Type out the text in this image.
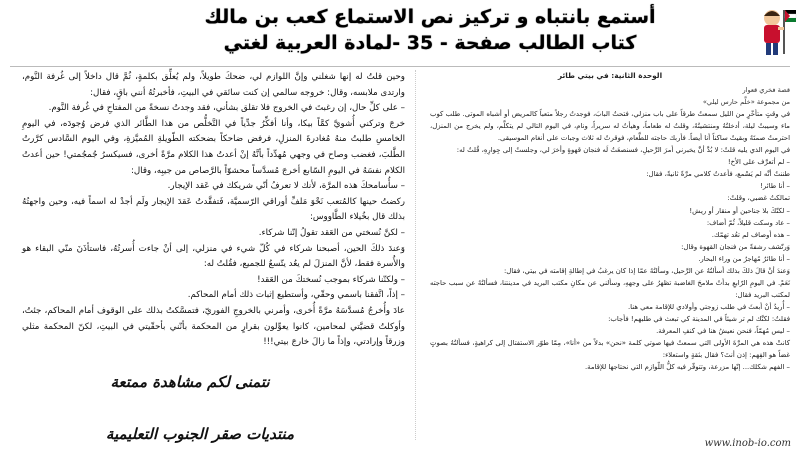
أستمع بانتباه و تركيز نص الاستماع كعب بن مالك
كتاب الطالب صفحة - 35 -لمادة العربية لغتي

وحين قلتُ له إنها شغلني وإنَّ اللوازم لي، ضحكَ طويلاً، ولم يُعلِّق بكلمةٍ، ثُمَّ قال داخلاً إلى غُرفة النَّوم، وارتدى ملابسه، وقال: خروجه سالمي إن كنت سائقي في البيتِ، فأخبرتُهُ أنني باقٍ، فقال:

– على كلِّ حال، إن رغبتَ في الخروج فلا تقلق بشأني، فقد وجدتُ نسخةً من المفتاحِ في غُرفة النَّوم.

خرجَ وتركني أُشويَّ كمَّاً بيكا، وأنا أفكِّرُ جدِّياً في التَّخلُّص من هذا الطَّائر الذي فرض وُجودَه، في اليومِ الخامسِ طلبتُ منهُ مُغادرةَ المنزلِ، فرفض ضاحكاً بضحكته الطّويلةِ المُميَّزةِ، وفي اليوم السَّادس كرَّرتُ الطَّلبَ، فغضب وصاح في وجهي مُهدِّداً بأنَّهُ إنْ أعدتُ هذا الكلام مرَّةً أخرى، فسيكسرُ جُمجُمتي! حين أعدتُ الكلام نفسَهُ في اليومِ السّابع أخرجَ مُسدَّساً محشوّاً بالرَّصاص من جيبِه، وقال:

– سأُسامحكَ هذه المرَّة، لأنك لا تعرفُ أنّي شريكك في عَقد الإيجار.

ركضتُ حينها كالمُتعب نَحْوَ مَلفِّ أوراقي الرّسميَّة، فَتفقَّدتُ عَقدَ الإيجار ولَم أجدْ له اسماً فيه، وحين واجهتُهُ بذلك قال بخُيلاء الطَّاووس:

– لكنَّ نُسختي من العَقد تقولُ إنّنا شركاء.

وَعندَ ذلكَ الحين، أصبحنا شركاء في كُلّ شيء في منزلي، إلى أنْ جاءت أُسرتُهُ، فاستأذَنَ منّي البقاء هو والأُسرة فقط، لأنَّ المنزلَ لم يعُد يتّسعُ للجميع، فقُلتُ له:

– ولكنّنا شركاء بموجب نُسختكَ من العَقد!

– إذاً، اتَّفقنا باسمي وحقّي، وأستطيع إثبات ذلك أمام المحاكم.

عادَ وأُخرجُ مُسدَّسَهُ مرَّةً أُخرى، وأمرني بالخروجِ الفوريّ، فتمسَّكتُ بذلك على الوقوف أمام المحاكم، جئتُ، وأوكلتُ قضيَّتي لمحامين، كانوا يعوِّلون بقرارٍ من المحكمة بأنّني بأحقّيتي في البيتِ، لكنّ المحكمة مثلي وزرقاً وإرادتي، وإذاً ما زالَ خارجَ بيتي!!!

الوحدة الثانية: في بيتي طائر

قصة فخري قعوار

من مجموعة «خلَّم حارس ليلي»

في وقتٍ متأخّرٍ من الليل سمعتُ طرقاً على باب منزلي، فتحتُ البابَ، فوجدتُ رجلاً متعباً كالمريض أو أشباه الموتى. طلب كوب ماء وسيبتُ ليلة، أدخلتُهُ ومنتشيتُهُ، وقلتُ له طعاماً، وهيأتُ له سريراً، ونام، في اليوم التالي لم يتكلَّم، ولم يخرج من المنزل، احترمتُ صمتَهُ وبقيتُ ساكناً أنا أيضاً. فأربك حاجته للطَّعام، فوقرتُ له ثلاث وجبات على أنغام الموسيقى.

في اليوم الذي يليه قلتُ: لا بُدَّ أنَّ يخبرني أمرَ الرَّحيلِ، فسنصعَتُ لَه فنجان قهوةٍ وأخرَ لي، وجلستُ إلى جِوارِهِ، قُلتُ له:

– لم أتعرَّف على الأخ!

طننتُ أنَّه لم يَسْمع، فأعدتُ كلامي مرَّةً ثانيةً، فقال:

– أنا طائر!

تمالكتُ غضبي، وقلتُ:

– لكنّكَ بلا جناحين أو منقار أو ريش!

– عاد وسكت قليلاً، ثُمّ أضاف:

– هذه أوصاف لم تعُد تهمّك.

وَرتّشف رشفةً من فنجان القهوة وقال:

– أنا طائرٌ مُهاجرٌ من وراء البحار.

وَعندَ أنْ قالَ ذلكَ بذلك أسألتُهُ عن الرَّحيل، وسألتُهُ عمّا إذا كان يرغبُ في إطالةِ إقامته في بيتي، فقال:

نَعَمْ. في اليومِ الرّابعِ بدأتُ ملامحَ الغاضبة تظهرُ على وجههِ، وسألني عن مكانِ مكتب البريد في مدينتنا، فسألتُهُ عن سبب حاجته لمكتب البريد فقال:

– أُريدُ أنْ أبعثَ في طلب زوجتي وأولادي للإقامة معي هنا.

فقلتُ: لكنَّك لم تر شيئاً في المدينة كي تبعث في طلبهم! فأجاب:

– ليس مُهمّاً، فنحن نعيشُ هنا في كنفِ المعرفة.

كانتْ هذه هي المرَّةَ الأولى التي سمعتُ فيها صوتي كلمة «نحن» بدلاً من «أنا»، مِمّا طوّر الاستفتال إلى كراهيةٍ، فسألتُهُ بصوتٍ غضاً هو الفِهم: إذن أنتَ؟ فقال بثقةٍ واستعلاء:

– الفهم شكلك... إنّها مزرعة، وتتوفّر فيه كلُّ اللّوازم التي نحتاجها للإقامة.

نتمنى لكم مشاهدة ممتعة
منتديات صقر الجنوب التعليمية
www.inob-io.com
